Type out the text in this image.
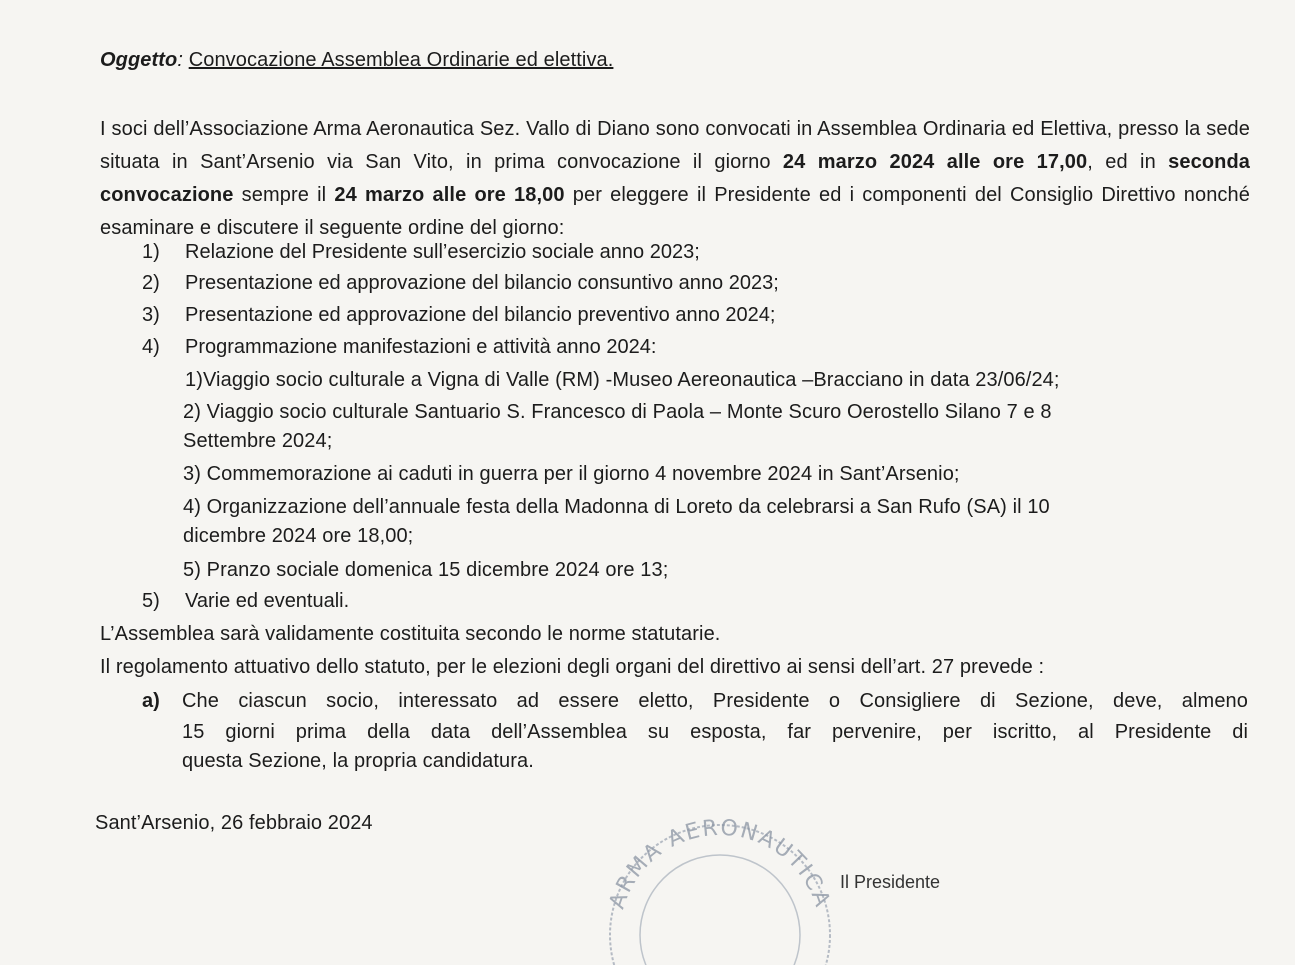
Oggetto: Convocazione Assemblea Ordinarie ed elettiva.
I soci dell’Associazione Arma Aeronautica Sez. Vallo di Diano sono convocati in Assemblea Ordinaria ed Elettiva, presso la sede situata in Sant’Arsenio via San Vito, in prima convocazione il giorno 24 marzo 2024 alle ore 17,00, ed in seconda convocazione sempre il 24 marzo alle ore 18,00 per eleggere il Presidente ed i componenti del Consiglio Direttivo nonché esaminare e discutere il seguente ordine del giorno:
1)	Relazione del Presidente sull’esercizio sociale anno 2023;
2)	Presentazione ed approvazione del bilancio consuntivo anno 2023;
3)	Presentazione ed approvazione del bilancio preventivo anno 2024;
4)	Programmazione manifestazioni e attività anno 2024:
1)Viaggio socio culturale a Vigna di Valle (RM) -Museo Aereonautica –Bracciano in data 23/06/24;
2) Viaggio socio culturale Santuario S. Francesco di Paola – Monte Scuro Oerostello Silano 7 e 8
Settembre 2024;
3) Commemorazione ai caduti in guerra per il giorno 4 novembre 2024 in Sant’Arsenio;
4) Organizzazione dell’annuale festa della Madonna di Loreto da celebrarsi a San Rufo (SA) il 10
dicembre 2024 ore 18,00;
5) Pranzo sociale domenica 15 dicembre 2024 ore 13;
5)	Varie ed eventuali.
L’Assemblea sarà validamente costituita secondo le norme statutarie.
Il regolamento attuativo dello statuto, per le elezioni degli organi del direttivo ai sensi dell’art. 27 prevede :
a)	Che ciascun socio, interessato ad essere eletto, Presidente o Consigliere di Sezione, deve, almeno
15 giorni prima della data dell’Assemblea su esposta, far pervenire, per iscritto, al Presidente di
questa Sezione, la propria candidatura.
Sant’Arsenio, 26 febbraio 2024
ARMA AERONAUTICA
Il Presidente
